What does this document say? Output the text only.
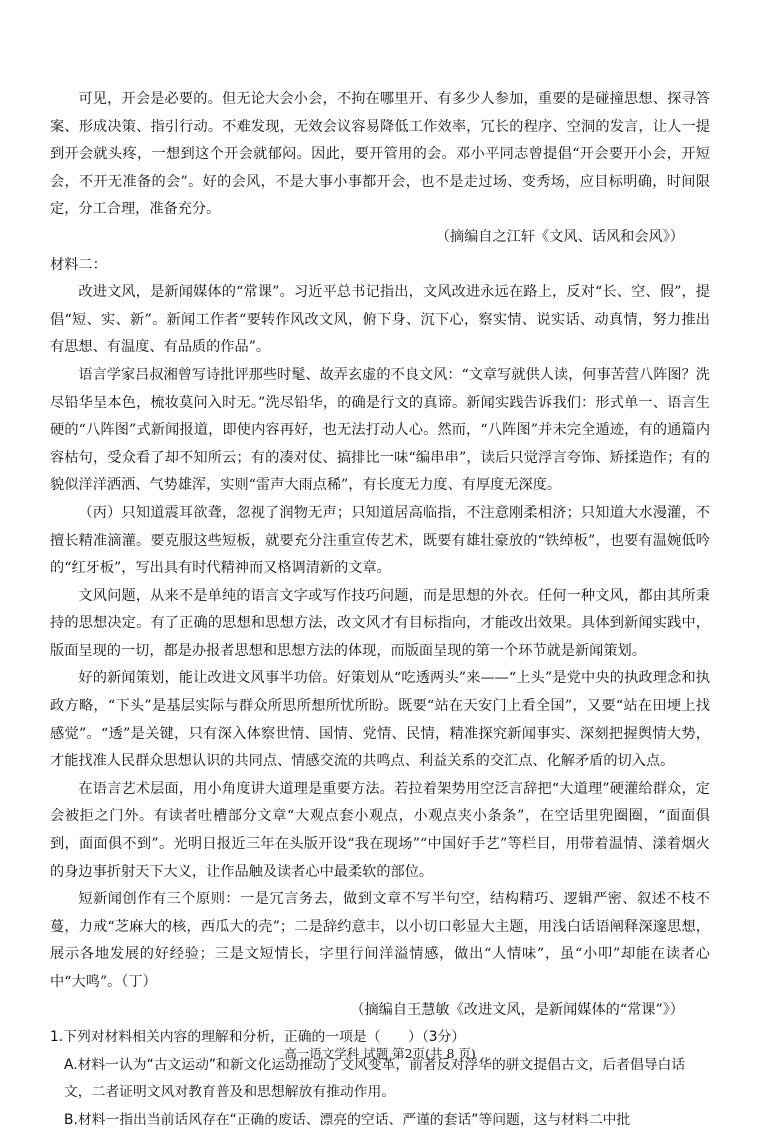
可见，开会是必要的。但无论大会小会，不拘在哪里开、有多少人参加，重要的是碰撞思想、探寻答案、形成决策、指引行动。不难发现，无效会议容易降低工作效率，冗长的程序、空洞的发言，让人一提到开会就头疼，一想到这个开会就郁闷。因此，要开管用的会。邓小平同志曾提倡“开会要开小会，开短会，不开无准备的会”。好的会风，不是大事小事都开会，也不是走过场、变秀场，应目标明确，时间限定，分工合理，准备充分。

（摘编自之江轩《文风、话风和会风》）

材料二：

改进文风，是新闻媒体的“常课”。习近平总书记指出，文风改进永远在路上，反对“长、空、假”，提倡“短、实、新”。新闻工作者“要转作风改文风，俯下身、沉下心，察实情、说实话、动真情，努力推出有思想、有温度、有品质的作品”。

语言学家吕叔湘曾写诗批评那些时髦、故弄玄虚的不良文风：“文章写就供人读，何事苦营八阵图？洗尽铅华呈本色，梳妆莫问入时无。”洗尽铅华，的确是行文的真谛。新闻实践告诉我们：形式单一、语言生硬的“八阵图”式新闻报道，即使内容再好，也无法打动人心。然而，“八阵图”并未完全遁迹，有的通篇内容枯句，受众看了却不知所云；有的凑对仗、搞排比一味“编串串”，读后只觉浮言夸饰、矫揉造作；有的貌似洋洋洒洒、气势雄浑，实则“雷声大雨点稀”，有长度无力度、有厚度无深度。

（丙）只知道震耳欲聋，忽视了润物无声；只知道居高临指，不注意刚柔相济；只知道大水漫灌，不擅长精准滴灌。要克服这些短板，就要充分注重宣传艺术，既要有雄壮豪放的“铁绰板”，也要有温婉低吟的“红牙板”，写出具有时代精神而又格调清新的文章。

文风问题，从来不是单纯的语言文字或写作技巧问题，而是思想的外衣。任何一种文风，都由其所秉持的思想决定。有了正确的思想和思想方法，改文风才有目标指向，才能改出效果。具体到新闻实践中，版面呈现的一切，都是办报者思想和思想方法的体现，而版面呈现的第一个环节就是新闻策划。

好的新闻策划，能让改进文风事半功倍。好策划从“吃透两头”来——“上头”是党中央的执政理念和执政方略，“下头”是基层实际与群众所思所想所忧所盼。既要“站在天安门上看全国”，又要“站在田埂上找感觉”。“透”是关键，只有深入体察世情、国情、党情、民情，精准探究新闻事实、深刻把握舆情大势，才能找准人民群众思想认识的共同点、情感交流的共鸣点、利益关系的交汇点、化解矛盾的切入点。

在语言艺术层面，用小角度讲大道理是重要方法。若拉着架势用空泛言辞把“大道理”硬灌给群众，定会被拒之门外。有读者吐槽部分文章“大观点套小观点，小观点夹小条条”，在空话里兜圈圈，“面面俱到，面面俱不到”。光明日报近三年在头版开设“我在现场”“中国好手艺”等栏目，用带着温情、漾着烟火的身边事折射天下大义，让作品触及读者心中最柔软的部位。

短新闻创作有三个原则：一是冗言务去，做到文章不写半句空，结构精巧、逻辑严密、叙述不枝不蔓，力戒“芝麻大的核，西瓜大的壳”；二是辞约意丰，以小切口彰显大主题，用浅白话语阐释深邃思想，展示各地发展的好经验；三是文短情长，字里行间洋溢情感，做出“人情味”，虽“小叩”却能在读者心中“大鸣”。（丁）

（摘编自王慧敏《改进文风，是新闻媒体的“常课”》）

1.下列对材料相关内容的理解和分析，正确的一项是（　　）（3分）

A.材料一认为“古文运动”和新文化运动推动了文风变革，前者反对浮华的骈文提倡古文，后者倡导白话文，二者证明文风对教育普及和思想解放有推动作用。

B.材料一指出当前话风存在“正确的废话、漂亮的空话、严谨的套话”等问题，这与材料二中批

高一语文学科 试题 第2页(共 8 页)
